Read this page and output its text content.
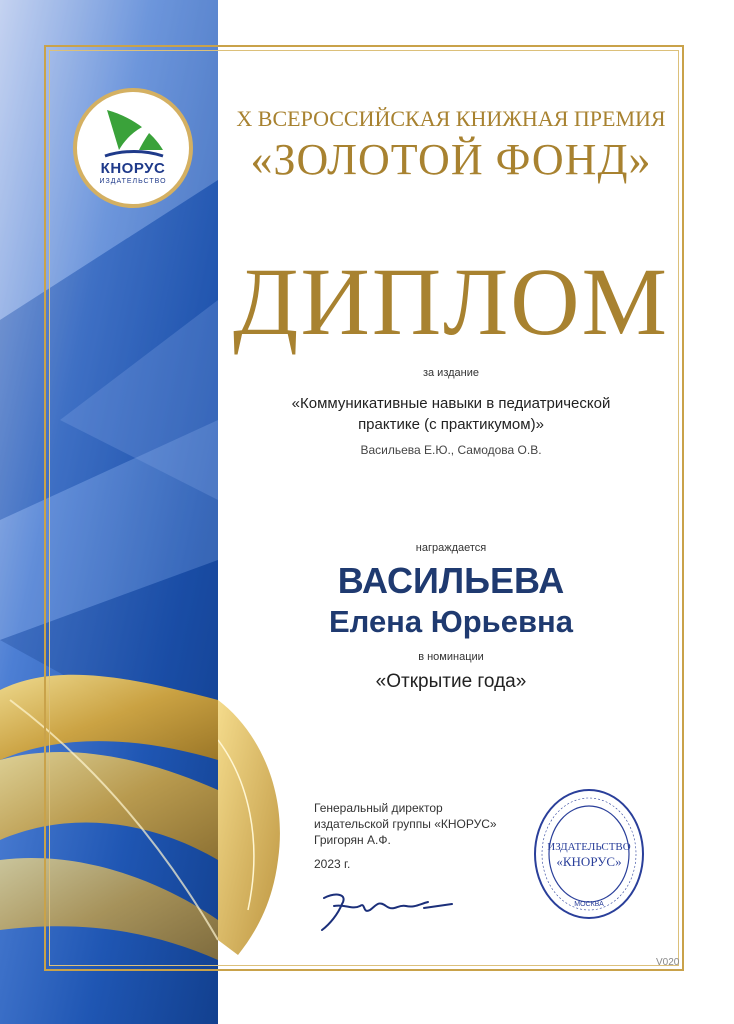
КНОРУС
ИЗДАТЕЛЬСТВО
X ВСЕРОССИЙСКАЯ КНИЖНАЯ ПРЕМИЯ
«ЗОЛОТОЙ ФОНД»
ДИПЛОМ
за издание
«Коммуникативные навыки в педиатрической
практике (с практикумом)»
Васильева Е.Ю., Самодова О.В.
награждается
ВАСИЛЬЕВА
Елена Юрьевна
в номинации
«Открытие года»
Генеральный директор
издательской группы «КНОРУС»
Григорян А.Ф.
2023 г.
ИЗДАТЕЛЬСТВО
«КНОРУС»
МОСКВА
V020
